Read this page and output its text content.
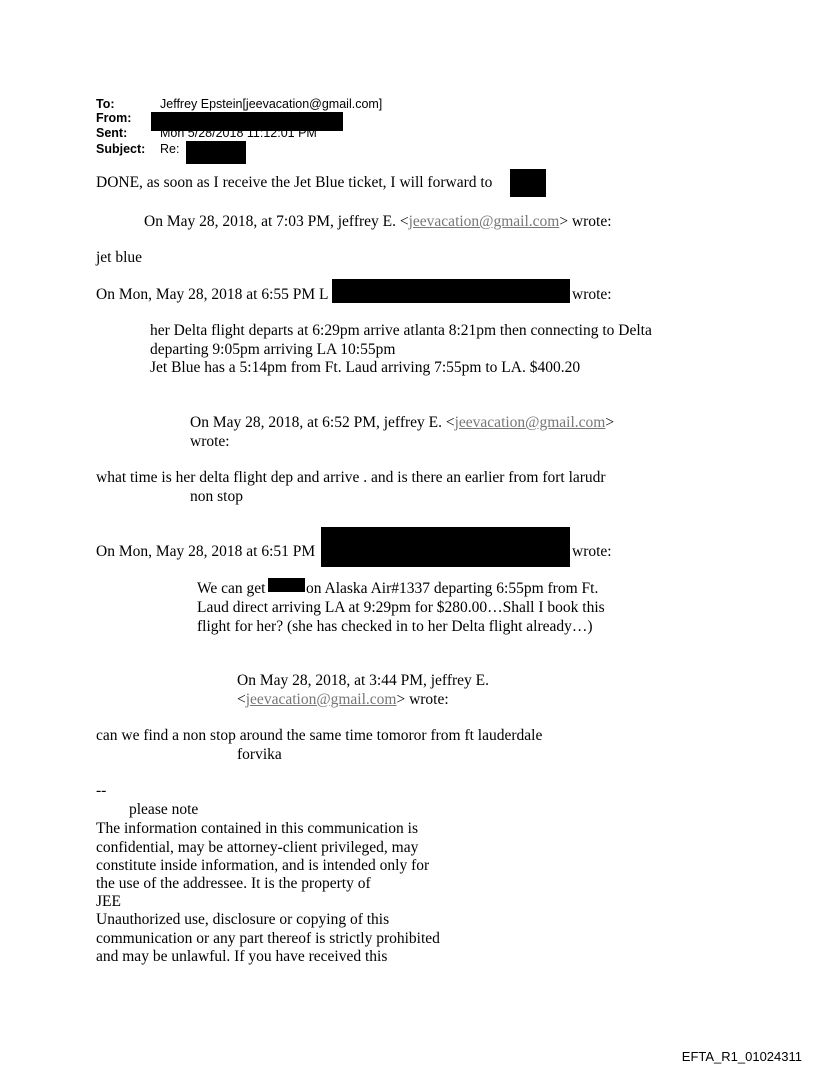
To:	Jeffrey Epstein[jeevacation@gmail.com]
From:
Sent:	Mon 5/28/2018 11:12:01 PM
Subject: Re:
DONE, as soon as I receive the Jet Blue ticket, I will forward to
On May 28, 2018, at 7:03 PM, jeffrey E. <jeevacation@gmail.com> wrote:
jet blue
On Mon, May 28, 2018 at 6:55 PM L	wrote:
her Delta flight departs at 6:29pm arrive atlanta 8:21pm then connecting to Delta
departing 9:05pm arriving LA 10:55pm
Jet Blue has a 5:14pm from Ft. Laud arriving 7:55pm to LA. $400.20
On May 28, 2018, at 6:52 PM, jeffrey E. <jeevacation@gmail.com>
wrote:
what time is her delta flight dep and arrive . and is there an earlier from fort larudr
non stop
On Mon, May 28, 2018 at 6:51 PM	wrote:
We can get	on Alaska Air#1337 departing 6:55pm from Ft.
Laud direct arriving LA at 9:29pm for $280.00…Shall I book this
flight for her? (she has checked in to her Delta flight already…)
On May 28, 2018, at 3:44 PM, jeffrey E.
<jeevacation@gmail.com> wrote:
can we find a non stop around the same time tomoror from ft lauderdale
forvika
--
please note
The information contained in this communication is
confidential, may be attorney-client privileged, may
constitute inside information, and is intended only for
the use of the addressee. It is the property of
JEE
Unauthorized use, disclosure or copying of this
communication or any part thereof is strictly prohibited
and may be unlawful. If you have received this
EFTA_R1_01024311
